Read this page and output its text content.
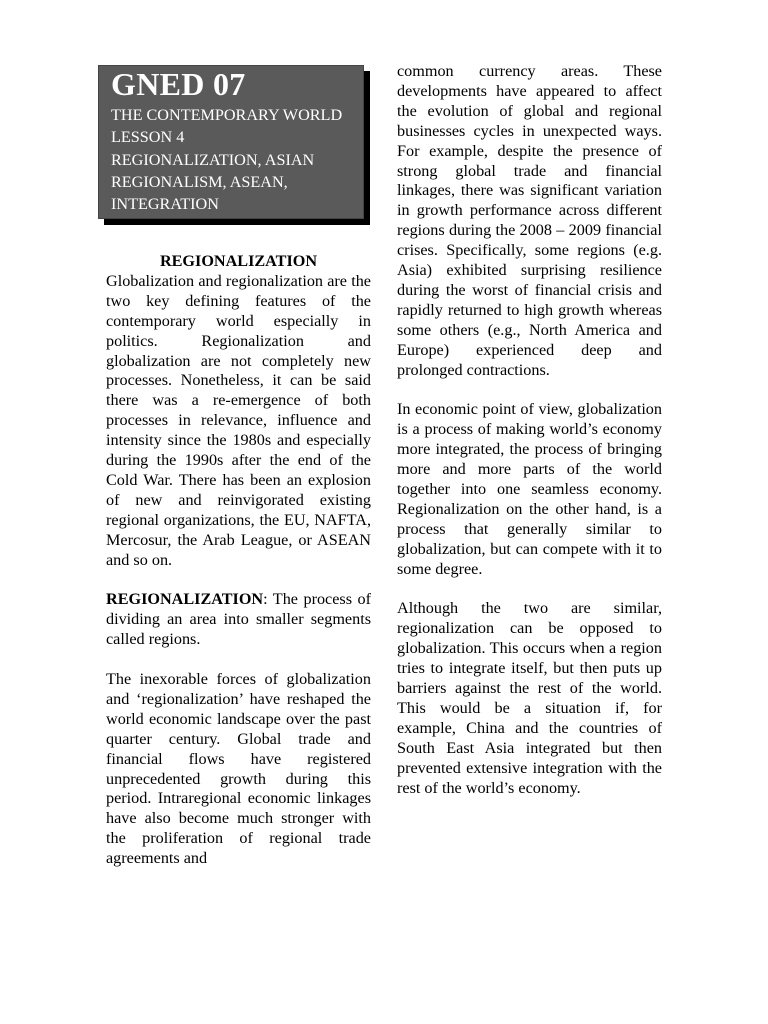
GNED 07
THE CONTEMPORARY WORLD
LESSON 4
REGIONALIZATION, ASIAN
REGIONALISM, ASEAN,
INTEGRATION
REGIONALIZATION

Globalization and regionalization are the two key defining features of the contemporary world especially in politics. Regionalization and globalization are not completely new processes. Nonetheless, it can be said there was a re-emergence of both processes in relevance, influence and intensity since the 1980s and especially during the 1990s after the end of the Cold War. There has been an explosion of new and reinvigorated existing regional organizations, the EU, NAFTA, Mercosur, the Arab League, or ASEAN and so on.

REGIONALIZATION: The process of dividing an area into smaller segments called regions.

The inexorable forces of globalization and ‘regionalization’ have reshaped the world economic landscape over the past quarter century. Global trade and financial flows have registered unprecedented growth during this period. Intraregional economic linkages have also become much stronger with the proliferation of regional trade agreements and

common currency areas. These developments have appeared to affect the evolution of global and regional businesses cycles in unexpected ways. For example, despite the presence of strong global trade and financial linkages, there was significant variation in growth performance across different regions during the 2008 – 2009 financial crises. Specifically, some regions (e.g. Asia) exhibited surprising resilience during the worst of financial crisis and rapidly returned to high growth whereas some others (e.g., North America and Europe) experienced deep and prolonged contractions.

In economic point of view, globalization is a process of making world’s economy more integrated, the process of bringing more and more parts of the world together into one seamless economy. Regionalization on the other hand, is a process that generally similar to globalization, but can compete with it to some degree.

Although the two are similar, regionalization can be opposed to globalization. This occurs when a region tries to integrate itself, but then puts up barriers against the rest of the world. This would be a situation if, for example, China and the countries of South East Asia integrated but then prevented extensive integration with the rest of the world’s economy.
